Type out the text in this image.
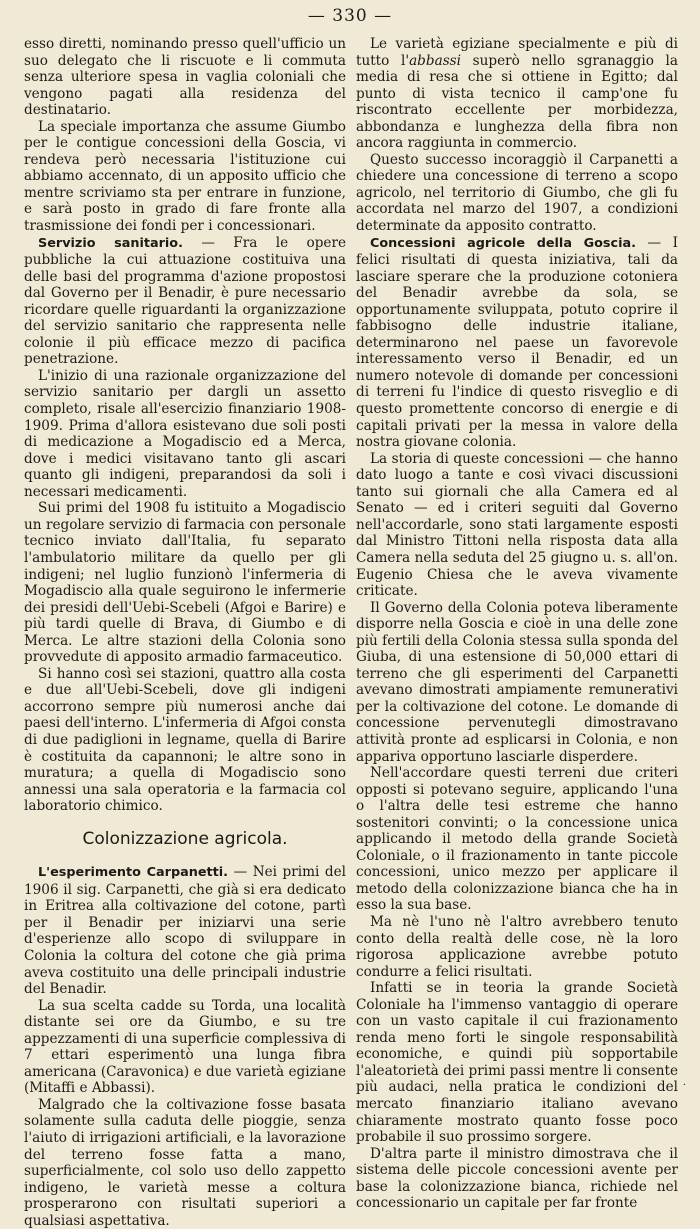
— 330 —

esso diretti, nominando presso quell'ufficio un suo delegato che li riscuote e li commuta senza ulteriore spesa in vaglia coloniali che vengono pagati alla residenza del destinatario.

La speciale importanza che assume Giumbo per le contigue concessioni della Goscia, vi rendeva però necessaria l'istituzione cui abbiamo accennato, di un apposito ufficio che mentre scriviamo sta per entrare in funzione, e sarà posto in grado di fare fronte alla trasmissione dei fondi per i concessionari.

Servizio sanitario. — Fra le opere pubbliche la cui attuazione costituiva una delle basi del programma d'azione propostosi dal Governo per il Benadir, è pure necessario ricordare quelle riguardanti la organizzazione del servizio sanitario che rappresenta nelle colonie il più efficace mezzo di pacifica penetrazione.

L'inizio di una razionale organizzazione del servizio sanitario per dargli un assetto completo, risale all'esercizio finanziario 1908-1909. Prima d'allora esistevano due soli posti di medicazione a Mogadiscio ed a Merca, dove i medici visitavano tanto gli ascari quanto gli indigeni, preparandosi da soli i necessari medicamenti.

Sui primi del 1908 fu istituito a Mogadiscio un regolare servizio di farmacia con personale tecnico inviato dall'Italia, fu separato l'ambulatorio militare da quello per gli indigeni; nel luglio funzionò l'infermeria di Mogadiscio alla quale seguirono le infermerie dei presidi dell'Uebi-Scebeli (Afgoi e Barire) e più tardi quelle di Brava, di Giumbo e di Merca. Le altre stazioni della Colonia sono provvedute di apposito armadio farmaceutico.

Si hanno così sei stazioni, quattro alla costa e due all'Uebi-Scebeli, dove gli indigeni accorrono sempre più numerosi anche dai paesi dell'interno. L'infermeria di Afgoi consta di due padiglioni in legname, quella di Barire è costituita da capannoni; le altre sono in muratura; a quella di Mogadiscio sono annessi una sala operatoria e la farmacia col laboratorio chimico.

Colonizzazione agricola.

L'esperimento Carpanetti. — Nei primi del 1906 il sig. Carpanetti, che già si era dedicato in Eritrea alla coltivazione del cotone, partì per il Benadir per iniziarvi una serie d'esperienze allo scopo di sviluppare in Colonia la coltura del cotone che già prima aveva costituito una delle principali industrie del Benadir.

La sua scelta cadde su Torda, una località distante sei ore da Giumbo, e su tre appezzamenti di una superficie complessiva di 7 ettari esperimentò una lunga fibra americana (Caravonica) e due varietà egiziane (Mitaffi e Abbassi).

Malgrado che la coltivazione fosse basata solamente sulla caduta delle pioggie, senza l'aiuto di irrigazioni artificiali, e la lavorazione del terreno fosse fatta a mano, superficialmente, col solo uso dello zappetto indigeno, le varietà messe a coltura prosperarono con risultati superiori a qualsiasi aspettativa.

Le varietà egiziane specialmente e più di tutto l'abbassi superò nello sgranaggio la media di resa che si ottiene in Egitto; dal punto di vista tecnico il camp'one fu riscontrato eccellente per morbidezza, abbondanza e lunghezza della fibra non ancora raggiunta in commercio.

Questo successo incoraggiò il Carpanetti a chiedere una concessione di terreno a scopo agricolo, nel territorio di Giumbo, che gli fu accordata nel marzo del 1907, a condizioni determinate da apposito contratto.

Concessioni agricole della Goscia. — I felici risultati di questa iniziativa, tali da lasciare sperare che la produzione cotoniera del Benadir avrebbe da sola, se opportunamente sviluppata, potuto coprire il fabbisogno delle industrie italiane, determinarono nel paese un favorevole interessamento verso il Benadir, ed un numero notevole di domande per concessioni di terreni fu l'indice di questo risveglio e di questo promettente concorso di energie e di capitali privati per la messa in valore della nostra giovane colonia.

La storia di queste concessioni — che hanno dato luogo a tante e così vivaci discussioni tanto sui giornali che alla Camera ed al Senato — ed i criteri seguiti dal Governo nell'accordarle, sono stati largamente esposti dal Ministro Tittoni nella risposta data alla Camera nella seduta del 25 giugno u. s. all'on. Eugenio Chiesa che le aveva vivamente criticate.

Il Governo della Colonia poteva liberamente disporre nella Goscia e cioè in una delle zone più fertili della Colonia stessa sulla sponda del Giuba, di una estensione di 50,000 ettari di terreno che gli esperimenti del Carpanetti avevano dimostrati ampiamente remunerativi per la coltivazione del cotone. Le domande di concessione pervenutegli dimostravano attività pronte ad esplicarsi in Colonia, e non appariva opportuno lasciarle disperdere.

Nell'accordare questi terreni due criteri opposti si potevano seguire, applicando l'una o l'altra delle tesi estreme che hanno sostenitori convinti; o la concessione unica applicando il metodo della grande Società Coloniale, o il frazionamento in tante piccole concessioni, unico mezzo per applicare il metodo della colonizzazione bianca che ha in esso la sua base.

Ma nè l'uno nè l'altro avrebbero tenuto conto della realtà delle cose, nè la loro rigorosa applicazione avrebbe potuto condurre a felici risultati.

Infatti se in teoria la grande Società Coloniale ha l'immenso vantaggio di operare con un vasto capitale il cui frazionamento renda meno forti le singole responsabilità economiche, e quindi più sopportabile l'aleatorietà dei primi passi mentre li consente più audaci, nella pratica le condizioni del mercato finanziario italiano avevano chiaramente mostrato quanto fosse poco probabile il suo prossimo sorgere.

D'altra parte il ministro dimostrava che il sistema delle piccole concessioni avente per base la colonizzazione bianca, richiede nel concessionario un capitale per far fronte

·
